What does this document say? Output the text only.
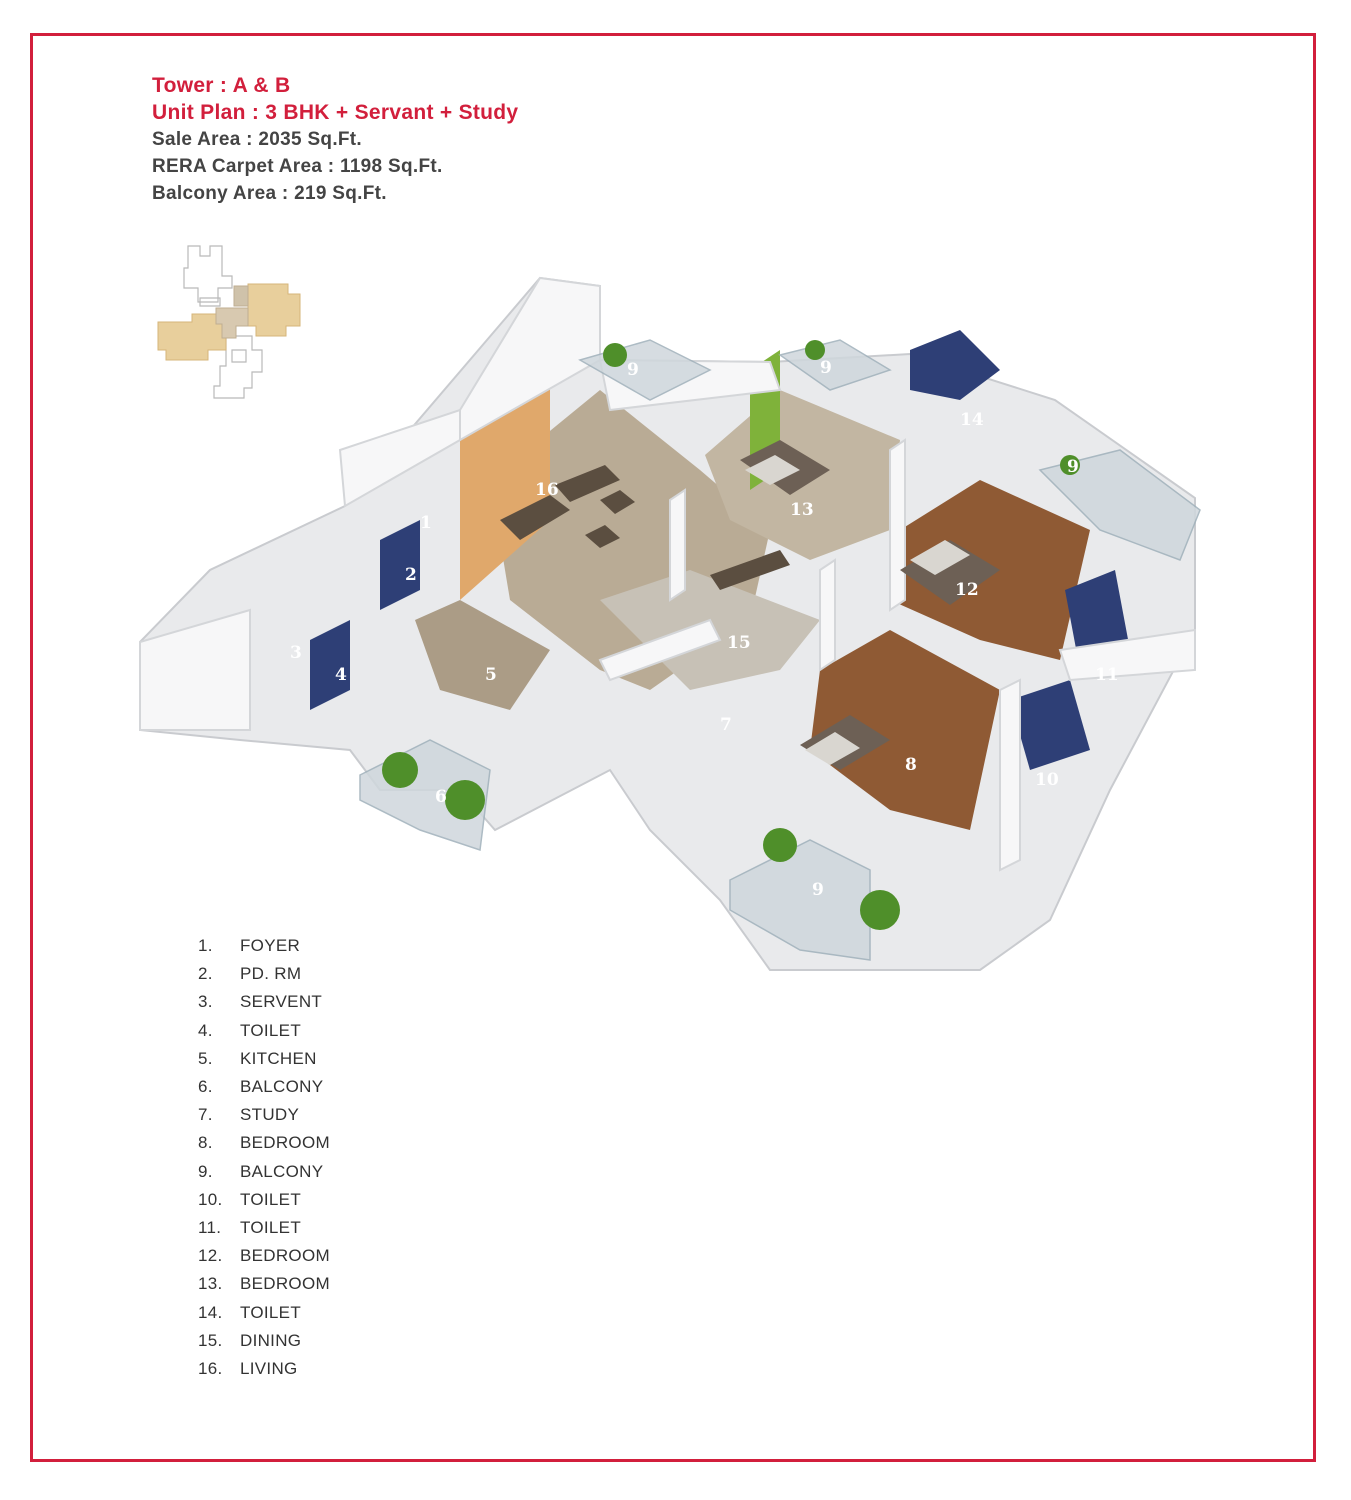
Tower : A & B
Unit Plan : 3 BHK + Servant + Study
Sale Area : 2035 Sq.Ft.
RERA Carpet Area : 1198 Sq.Ft.
Balcony Area : 219 Sq.Ft.
1
2
3
4	5
6
7
8
9	9
9
9
10
11
12
13
14
15
16
1.	FOYER
2.	PD. RM
3.	SERVENT
4.	TOILET
5.	KITCHEN
6.	BALCONY
7.	STUDY
8.	BEDROOM
9.	BALCONY
10.	TOILET
11.	TOILET
12.	BEDROOM
13.	BEDROOM
14.	TOILET
15.	DINING
16.	LIVING
